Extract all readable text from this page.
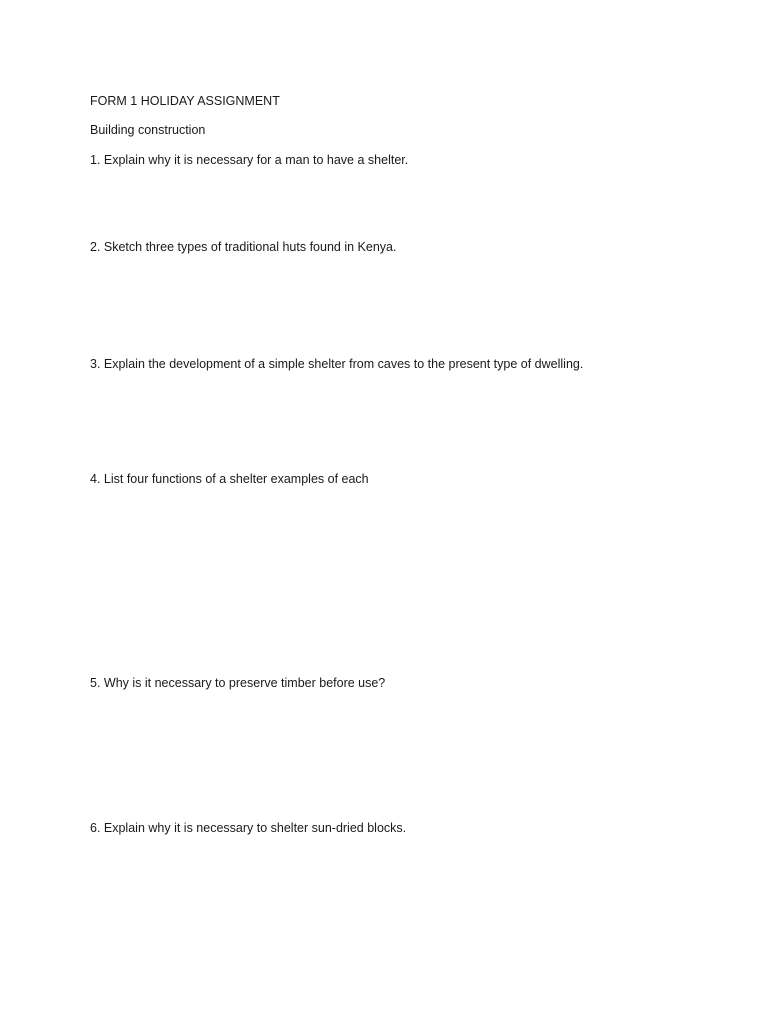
FORM 1 HOLIDAY ASSIGNMENT
Building construction
1. Explain why it is necessary for a man to have a shelter.
2. Sketch three types of traditional huts found in Kenya.
3. Explain the development of a simple shelter from caves to the present type of dwelling.
4. List four functions of a shelter examples of each
5. Why is it necessary to preserve timber before use?
6. Explain why it is necessary to shelter sun-dried blocks.
